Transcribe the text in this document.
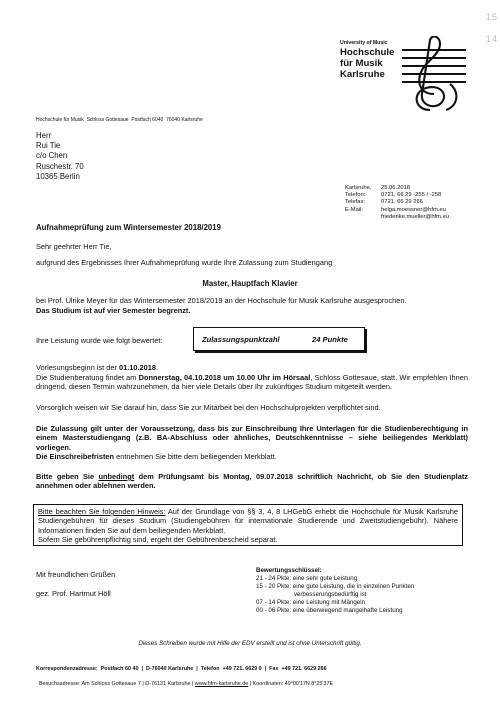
University of Music
Hochschule
für Musik
Karlsruhe
1 5
1 4
Hochschule für Musik  Schloss Gottesaue  Postfach 6040  76040 Karlsruhe
Herr
Rui Tie
c/o Chen
Ruschestr. 70
10365 Berlin
Karlsruhe,	25.06.2018
Telefon:	0721. 66 29 -255 / -258
Telefax:	0721. 66 29 266
E-Mail:	helga.moessner@hfm.eu
friederike.mueller@hfm.eu
Aufnahmeprüfung zum Wintersemester 2018/2019
Sehr geehrter Herr Tie,
aufgrund des Ergebnisses Ihrer Aufnahmeprüfung wurde Ihre Zulassung zum Studiengang
Master, Hauptfach Klavier
bei Prof. Ulrike Meyer für das Wintersemester 2018/2019 an der Hochschule für Musik Karlsruhe ausgesprochen.
Das Studium ist auf vier Semester begrenzt.
Ihre Leistung wurde wie folgt bewertet:	Zulassungspunktzahl	24 Punkte
Vorlesungsbeginn ist der 01.10.2018.
Die Studienberatung findet am Donnerstag, 04.10.2018 um 10.00 Uhr im Hörsaal, Schloss Gottesaue, statt. Wir empfehlen Ihnen dringend, diesen Termin wahrzunehmen, da hier viele Details über Ihr zukünftiges Studium mitgeteilt werden.
Vorsorglich weisen wir Sie darauf hin, dass Sie zur Mitarbeit bei den Hochschulprojekten verpflichtet sind.
Die Zulassung gilt unter der Voraussetzung, dass bis zur Einschreibung Ihre Unterlagen für die Studienberechtigung in einem Masterstudiengang (z.B. BA-Abschluss oder ähnliches, Deutschkenntnisse – siehe beiliegendes Merkblatt) vorliegen.
Die Einschreibefristen entnehmen Sie bitte dem beiliegenden Merkblatt.
Bitte geben Sie unbedingt dem Prüfungsamt bis Montag, 09.07.2018 schriftlich Nachricht, ob Sie den Studienplatz annehmen oder ablehnen werden.
Bitte beachten Sie folgenden Hinweis: Auf der Grundlage von §§ 3, 4, 8 LHGebG erhebt die Hochschule für Musik Karlsruhe Studiengebühren für dieses Studium (Studiengebühren für internationale Studierende und Zweitstudiengebühr). Nähere Informationen finden Sie auf dem beiliegenden Merkblatt.
Sofern Sie gebührenpflichtig sind, ergeht der Gebührenbescheid separat.
Mit freundlichen Grüßen
gez. Prof. Hartmut Höll
Bewertungsschlüssel:
21 - 24 Pkte: eine sehr gute Leistung
15 - 20 Pkte: eine gute Leistung, die in einzelnen Punkten
verbesserungsbedürftig ist
07 - 14 Pkte: eine Leistung mit Mängeln
00 - 06 Pkte: eine überwiegend mangelhafte Leistung
Dieses Schreiben wurde mit Hilfe der EDV erstellt und ist ohne Unterschrift gültig.
Korrespondenzadresse:  Postfach 60 40  |  D-76040 Karlsruhe  |  Telefon  +49 721. 6629 0  |  Fax  +49 721. 6629 266

Besuchsadresse: Am Schloss Gottesaue 7 | D-76131 Karlsruhe | www.hfm-karlsruhe.de | Koordinaten: 49°00'17N 8°25'37E
